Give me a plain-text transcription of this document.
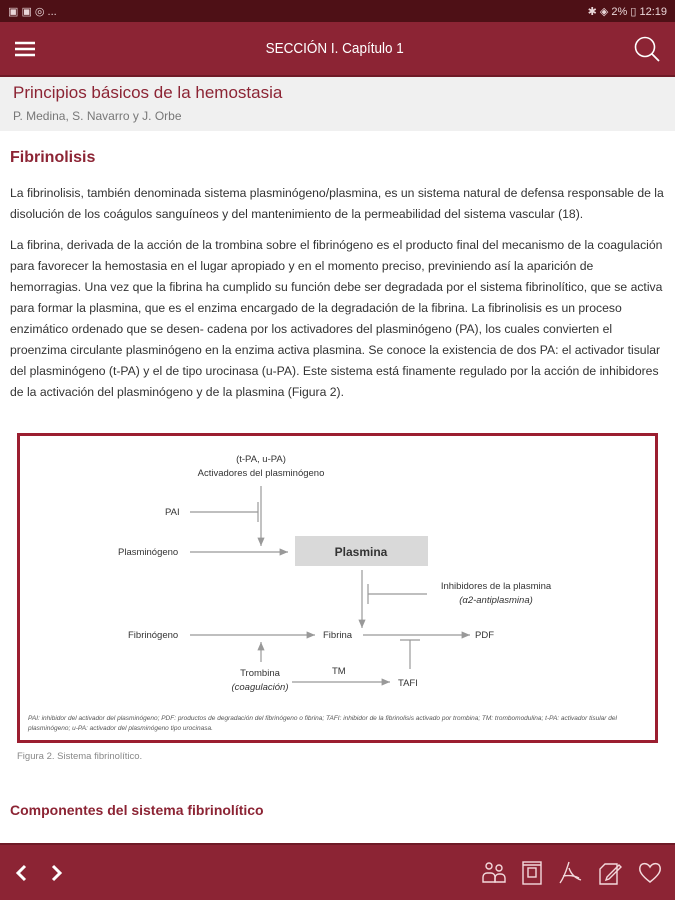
▣ ▣ ◎ ...	✱ ◈ 2% ▯ 12:19
SECCIÓN I. Capítulo 1
Principios básicos de la hemostasia
P. Medina, S. Navarro y J. Orbe
Fibrinolisis

La fibrinolisis, también denominada sistema plasminógeno/plasmina, es un sistema natural de defensa responsable de la disolución de los coágulos sanguíneos y del mantenimiento de la permeabilidad del sistema vascular (18).

La fibrina, derivada de la acción de la trombina sobre el fibrinógeno es el producto final del mecanismo de la coagulación para favorecer la hemostasia en el lugar apropiado y en el momento preciso, previniendo así la aparición de hemorragias. Una vez que la fibrina ha cumplido su función debe ser degradada por el sistema fibrinolítico, que se activa para formar la plasmina, que es el enzima encargado de la degradación de la fibrina. La fibrinolisis es un proceso enzimático ordenado que se desen- cadena por los activadores del plasminógeno (PA), los cuales convierten el proenzima circulante plasminógeno en la enzima activa plasmina. Se conoce la existencia de dos PA: el activador tisular del plasminógeno (t-PA) y el de tipo urocinasa (u-PA). Este sistema está finamente regulado por la acción de inhibidores de la activación del plasminógeno y de la plasmina (Figura 2).

(t-PA, u-PA)
Activadores del plasminógeno
PAI
Plasminógeno	Plasmina
Inhibidores de la plasmina
(α2-antiplasmina)
Fibrinógeno	Fibrina	PDF
Trombina
(coagulación)
TM
TAFI
PAI: inhibidor del activador del plasminógeno; PDF: productos de degradación del fibrinógeno o fibrina; TAFI: inhibidor de la fibrinolisis activado por trombina; TM: trombomodulina; t-PA: activador tisular del plasminógeno; u-PA: activador del plasminógeno tipo urocinasa.
Figura 2. Sistema fibrinolítico.
Componentes del sistema fibrinolítico
